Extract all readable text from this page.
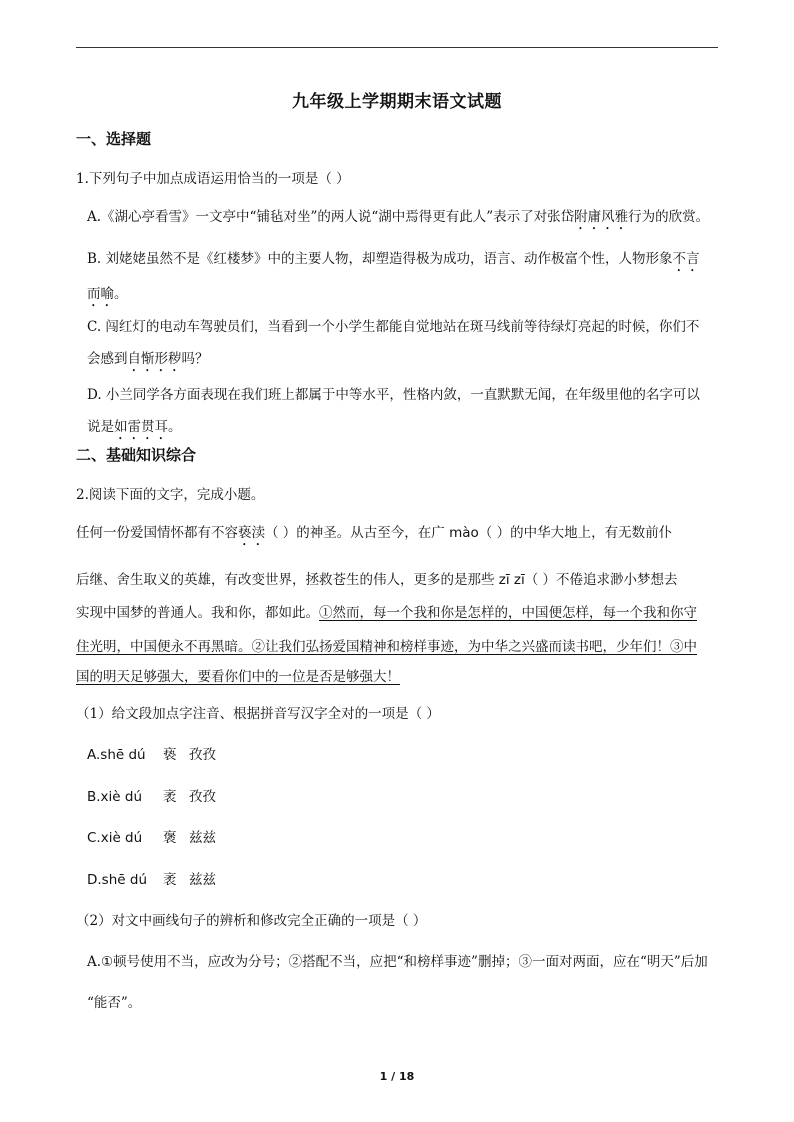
九年级上学期期末语文试题
一、选择题
1.下列句子中加点成语运用恰当的一项是（ ）
A.《湖心亭看雪》一文亭中“铺毡对坐”的两人说“湖中焉得更有此人”表示了对张岱附庸风雅行为的欣赏。
B. 刘姥姥虽然不是《红楼梦》中的主要人物，却塑造得极为成功，语言、动作极富个性，人物形象不言
而喻。
C. 闯红灯的电动车驾驶员们，当看到一个小学生都能自觉地站在斑马线前等待绿灯亮起的时候，你们不
会感到自惭形秽吗？
D. 小兰同学各方面表现在我们班上都属于中等水平，性格内敛，一直默默无闻，在年级里他的名字可以
说是如雷贯耳。
二、基础知识综合
2.阅读下面的文字，完成小题。
任何一份爱国情怀都有不容亵渎（ ）的神圣。从古至今，在广 mào（ ）的中华大地上，有无数前仆
后继、舍生取义的英雄，有改变世界，拯救苍生的伟人，更多的是那些 zī zī（ ）不倦追求渺小梦想去
实现中国梦的普通人。我和你，都如此。①然而，每一个我和你是怎样的，中国便怎样，每一个我和你守
住光明，中国便永不再黑暗。②让我们弘扬爱国精神和榜样事迹，为中华之兴盛而读书吧，少年们！③中
国的明天足够强大，要看你们中的一位是否是够强大！
（1）给文段加点字注音、根据拼音写汉字全对的一项是（ ）
A.shē dú 亵 孜孜
B.xiè dú 袤 孜孜
C.xiè dú 褒 兹兹
D.shē dú 袤 兹兹
（2）对文中画线句子的辨析和修改完全正确的一项是（ ）
A.①顿号使用不当，应改为分号；②搭配不当，应把“和榜样事迹”删掉；③一面对两面，应在“明天”后加
“能否”。
1 / 18
